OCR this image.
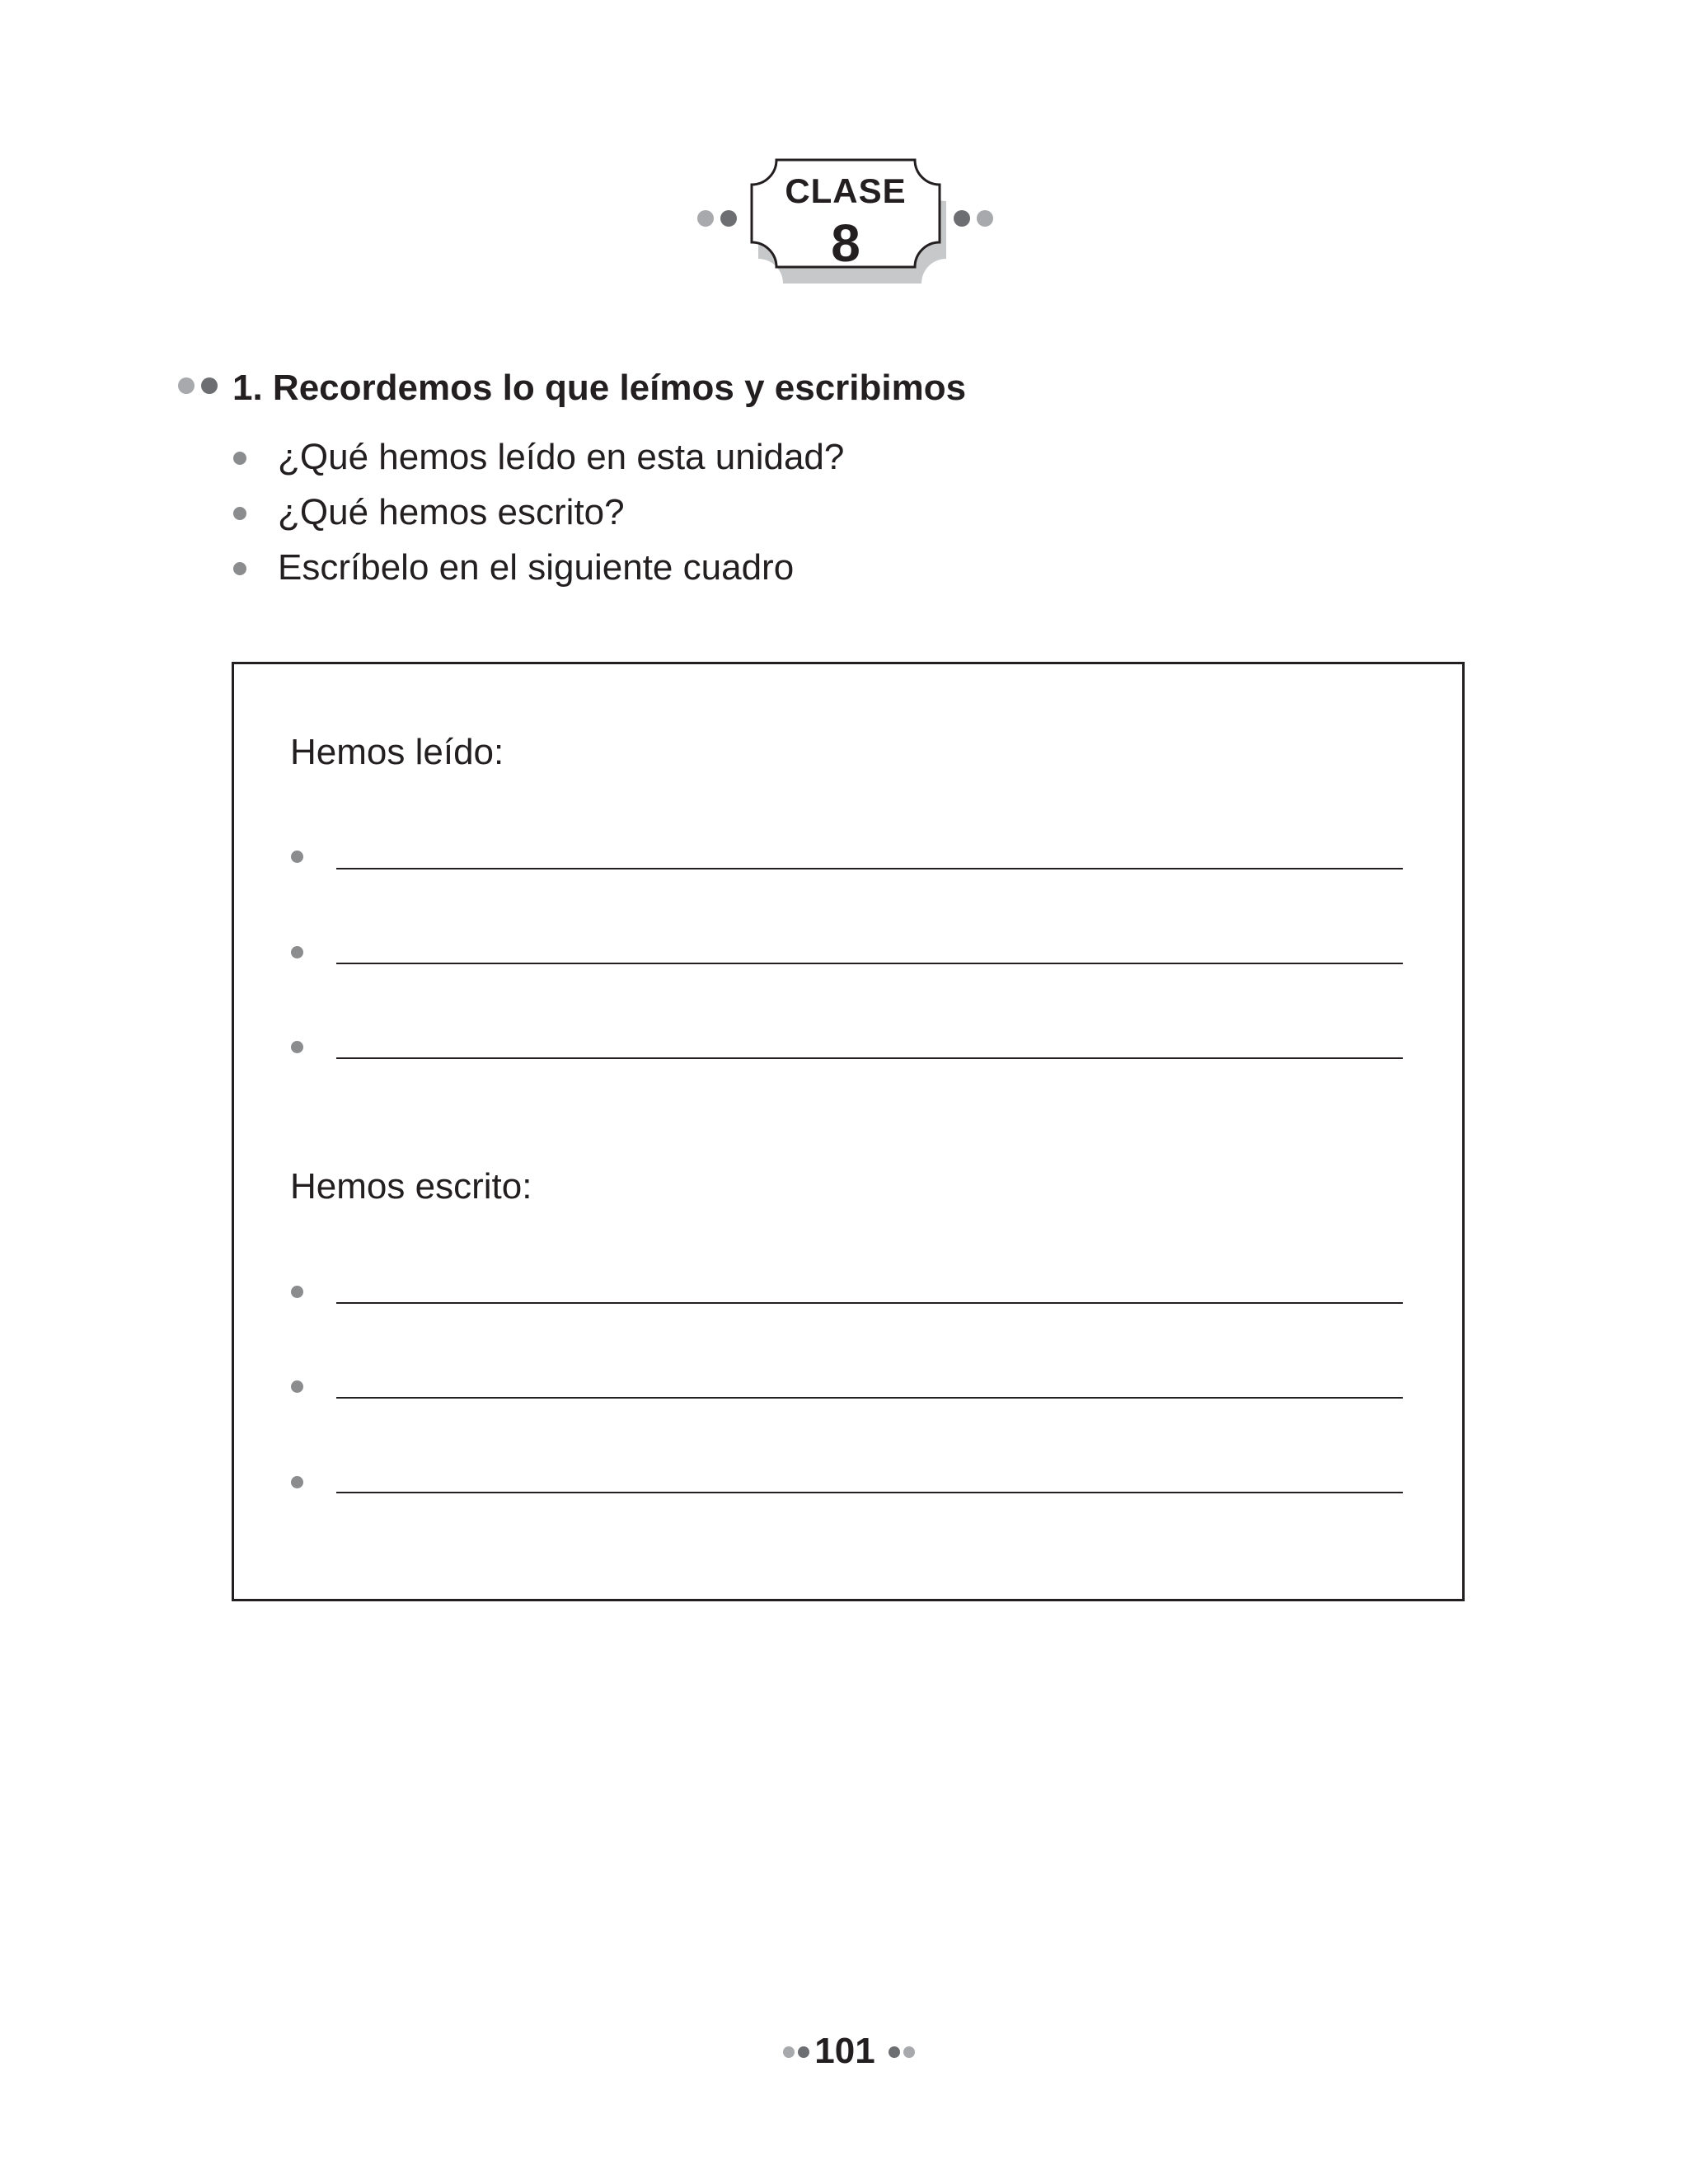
CLASE
8
1. Recordemos lo que leímos y escribimos
¿Qué hemos leído en esta unidad?
¿Qué hemos escrito?
Escríbelo en el siguiente cuadro
Hemos leído:
Hemos escrito:
101
